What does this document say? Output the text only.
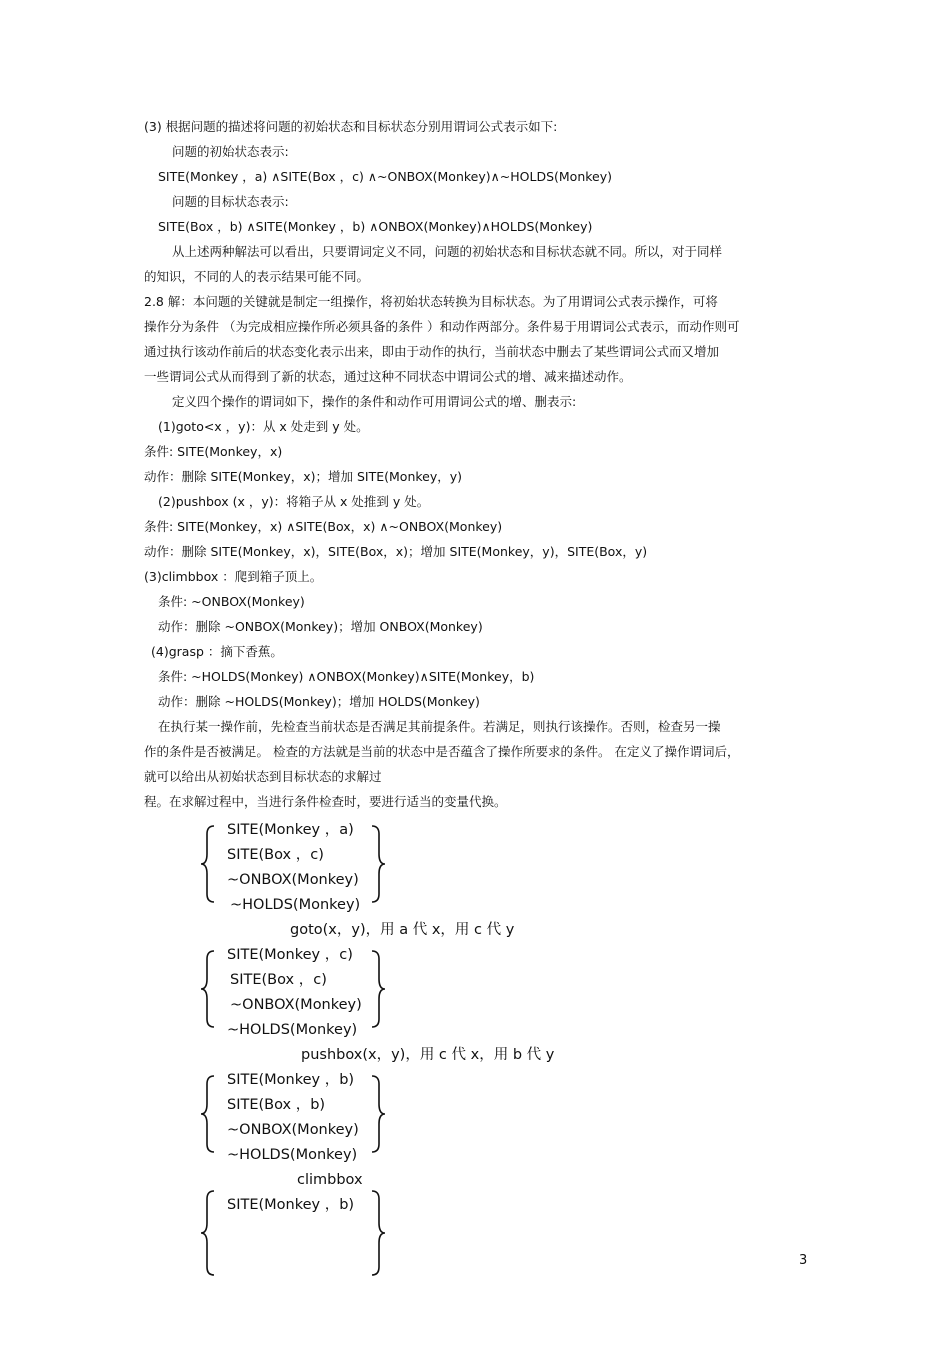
(3) 根据问题的描述将问题的初始状态和目标状态分别用谓词公式表示如下:
问题的初始状态表示:
SITE(Monkey ，a) ∧SITE(Box ，c) ∧~ONBOX(Monkey)∧~HOLDS(Monkey)
问题的目标状态表示:
SITE(Box ，b) ∧SITE(Monkey ，b) ∧ONBOX(Monkey)∧HOLDS(Monkey)
从上述两种解法可以看出，只要谓词定义不同，问题的初始状态和目标状态就不同。所以，对于同样
的知识，不同的人的表示结果可能不同。
2.8 解：本问题的关键就是制定一组操作，将初始状态转换为目标状态。为了用谓词公式表示操作，可将
操作分为条件 （为完成相应操作所必须具备的条件 ）和动作两部分。条件易于用谓词公式表示，而动作则可
通过执行该动作前后的状态变化表示出来，即由于动作的执行，当前状态中删去了某些谓词公式而又增加
一些谓词公式从而得到了新的状态，通过这种不同状态中谓词公式的增、减来描述动作。
定义四个操作的谓词如下，操作的条件和动作可用谓词公式的增、删表示:
(1)goto<x ，y)：从 x 处走到 y 处。
条件: SITE(Monkey，x)
动作：删除 SITE(Monkey，x)；增加 SITE(Monkey，y)
(2)pushbox (x ，y)：将箱子从 x 处推到 y 处。
条件: SITE(Monkey，x) ∧SITE(Box，x) ∧~ONBOX(Monkey)
动作：删除 SITE(Monkey，x)，SITE(Box，x)；增加 SITE(Monkey，y)，SITE(Box，y)
(3)climbbox ：爬到箱子顶上。
条件: ~ONBOX(Monkey)
动作：删除 ~ONBOX(Monkey)；增加 ONBOX(Monkey)
(4)grasp ：摘下香蕉。
条件: ~HOLDS(Monkey) ∧ONBOX(Monkey)∧SITE(Monkey，b)
动作：删除 ~HOLDS(Monkey)；增加 HOLDS(Monkey)
在执行某一操作前，先检查当前状态是否满足其前提条件。若满足，则执行该操作。否则，检查另一操
作的条件是否被满足。 检查的方法就是当前的状态中是否蕴含了操作所要求的条件。 在定义了操作谓词后，
就可以给出从初始状态到目标状态的求解过
程。在求解过程中，当进行条件检查时，要进行适当的变量代换。
SITE(Monkey ，a)
SITE(Box ，c)
~ONBOX(Monkey)
~HOLDS(Monkey)
goto(x，y)，用 a 代 x，用 c 代 y
SITE(Monkey ，c)
SITE(Box ，c)
~ONBOX(Monkey)
~HOLDS(Monkey)
pushbox(x，y)，用 c 代 x，用 b 代 y
SITE(Monkey ，b)
SITE(Box ，b)
~ONBOX(Monkey)
~HOLDS(Monkey)
climbbox
SITE(Monkey ，b)
3
